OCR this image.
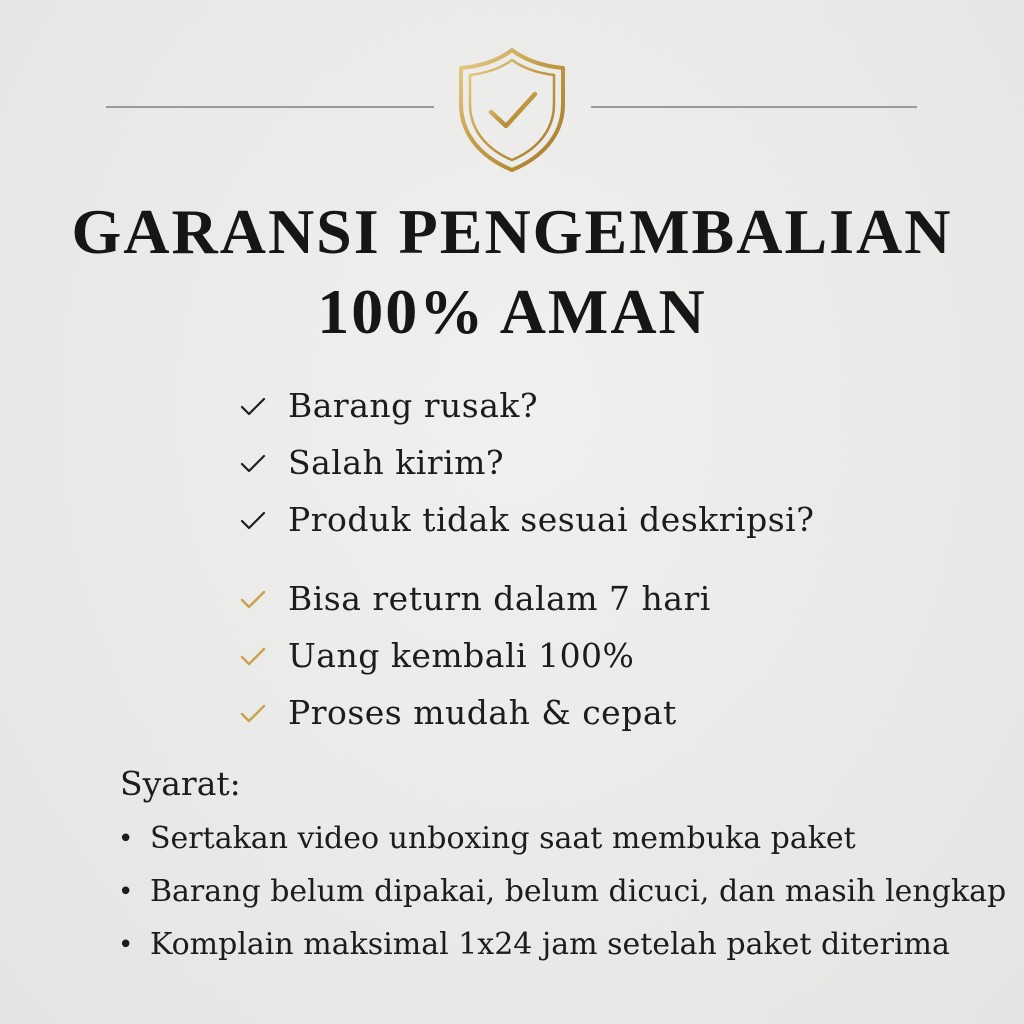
GARANSI PENGEMBALIAN
100% AMAN
Barang rusak?
Salah kirim?
Produk tidak sesuai deskripsi?
Bisa return dalam 7 hari
Uang kembali 100%
Proses mudah & cepat
Syarat:
• Sertakan video unboxing saat membuka paket
• Barang belum dipakai, belum dicuci, dan masih lengkap
• Komplain maksimal 1x24 jam setelah paket diterima
